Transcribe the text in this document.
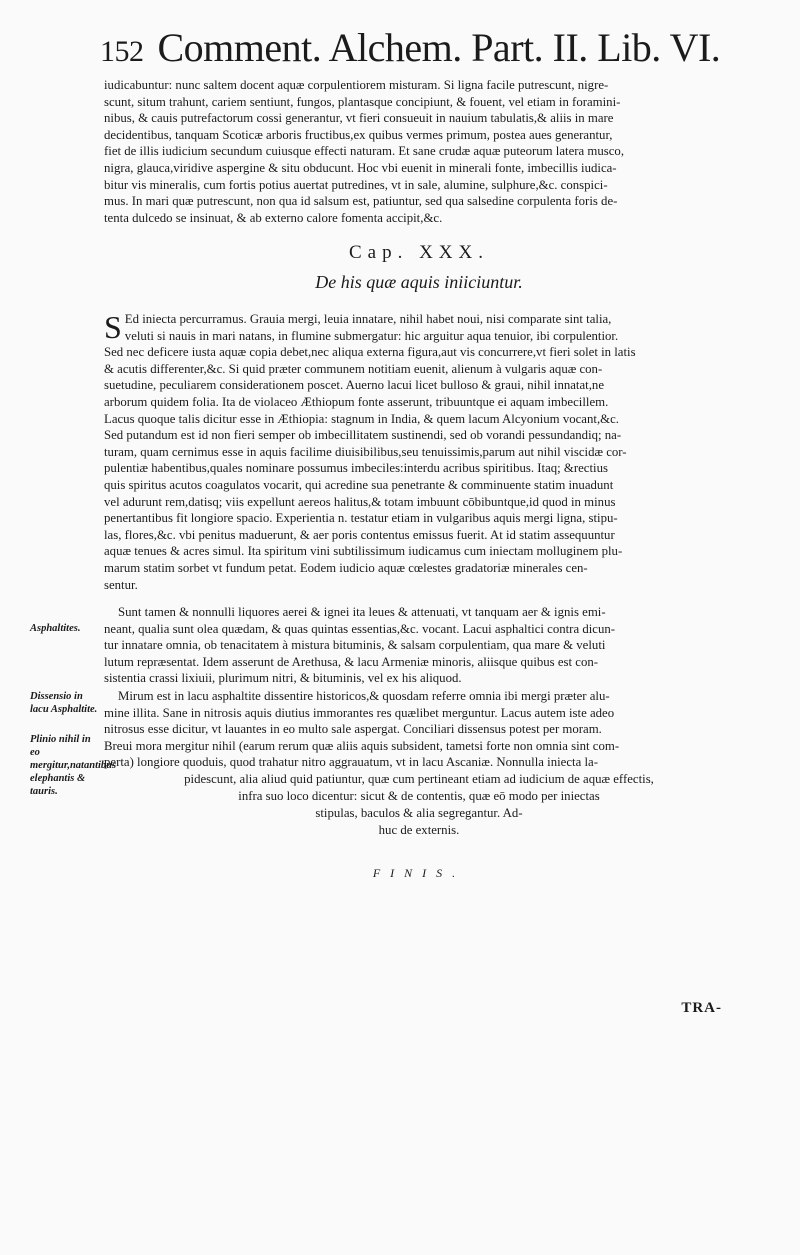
152 Comment. Alchem. Part. II. Lib. VI.
iudicabuntur: nunc saltem docent aquæ corpulentiorem misturam. Si ligna facile putrescunt, nigre-
scunt, situm trahunt, cariem sentiunt, fungos, plantasque concipiunt, & fouent, vel etiam in foramini-
nibus, & cauis putrefactorum cossi generantur, vt fieri consueuit in nauium tabulatis,& aliis in mare
decidentibus, tanquam Scoticæ arboris fructibus,ex quibus vermes primum, postea aues generantur,
fiet de illis iudicium secundum cuiusque effecti naturam. Et sane crudæ aquæ puteorum latera musco,
nigra, glauca,viridive aspergine & situ obducunt. Hoc vbi euenit in minerali fonte, imbecillis iudica-
bitur vis mineralis, cum fortis potius auertat putredines, vt in sale, alumine, sulphure,&c. conspici-
mus. In mari quæ putrescunt, non qua id salsum est, patiuntur, sed qua salsedine corpulenta foris de-
tenta dulcedo se insinuat, & ab externo calore fomenta accipit,&c.
Cap. XXX.
De his quæ aquis iniiciuntur.
S Ed iniecta percurramus. Grauia mergi, leuia innatare, nihil habet noui, nisi comparate sint talia,
veluti si nauis in mari natans, in flumine submergatur: hic arguitur aqua tenuior, ibi corpulentior.
Sed nec deficere iusta aquæ copia debet,nec aliqua externa figura,aut vis concurrere,vt fieri solet in latis
& acutis differenter,&c. Si quid præter communem notitiam euenit, alienum à vulgaris aquæ con-
suetudine, peculiarem considerationem poscet. Auerno lacui licet bulloso & graui, nihil innatat,ne
arborum quidem folia. Ita de violaceo Æthiopum fonte asserunt, tribuuntque ei aquam imbecillem.
Lacus quoque talis dicitur esse in Æthiopia: stagnum in India, & quem lacum Alcyonium vocant,&c.
Sed putandum est id non fieri semper ob imbecillitatem sustinendi, sed ob vorandi pessundandiq; na-
turam, quam cernimus esse in aquis facilime diuisibilibus,seu tenuissimis,parum aut nihil viscidæ cor-
pulentiæ habentibus,quales nominare possumus imbeciles:interdu acribus spiritibus. Itaq; &rectius
quis spiritus acutos coagulatos vocarit, qui acredine sua penetrante & comminuente statim inuadunt
vel adurunt rem,datisq; viis expellunt aereos halitus,& totam imbuunt cōbibuntque,id quod in minus
penertantibus fit longiore spacio. Experientia n. testatur etiam in vulgaribus aquis mergi ligna, stipu-
las, flores,&c. vbi penitus maduerunt, & aer poris contentus emissus fuerit. At id statim assequuntur
aquæ tenues & acres simul. Ita spiritum vini subtilissimum iudicamus cum iniectam molluginem plu-
marum statim sorbet vt fundum petat. Eodem iudicio aquæ cœlestes gradatoriæ minerales cen-
sentur.
Sunt tamen & nonnulli liquores aerei & ignei ita leues & attenuati, vt tanquam aer & ignis emi-
neant, qualia sunt olea quædam, & quas quintas essentias,&c. vocant. Lacui asphaltici contra dicun-
tur innatare omnia, ob tenacitatem à mistura bituminis, & salsam corpulentiam, qua mare & veluti
lutum repræsentat. Idem asserunt de Arethusa, & lacu Armeniæ minoris, aliisque quibus est con-
sistentia crassi lixiuii, plurimum nitri, & bituminis, vel ex his aliquod.
Mirum est in lacu asphaltite dissentire historicos,& quosdam referre omnia ibi mergi præter alu-
mine illita. Sane in nitrosis aquis diutius immorantes res quælibet merguntur. Lacus autem iste adeo
nitrosus esse dicitur, vt lauantes in eo multo sale aspergat. Conciliari dissensus potest per moram.
Breui mora mergitur nihil (earum rerum quæ aliis aquis subsident, tametsi forte non omnia sint com-
perta) longiore quoduis, quod trahatur nitro aggrauatum, vt in lacu Ascaniæ. Nonnulla iniecta la-
pidescunt, alia aliud quid patiuntur, quæ cum pertineant etiam ad iudicium de aquæ effectis,
infra suo loco dicentur: sicut & de contentis, quæ eō modo per iniectas
stipulas, baculos & alia segregantur. Ad-
huc de externis.
FINIS.
Asphaltites.
Dissensio in lacu Asphaltite.
Plinio nihil in eo mergitur,natantibus elephantis & tauris.
TRA-
